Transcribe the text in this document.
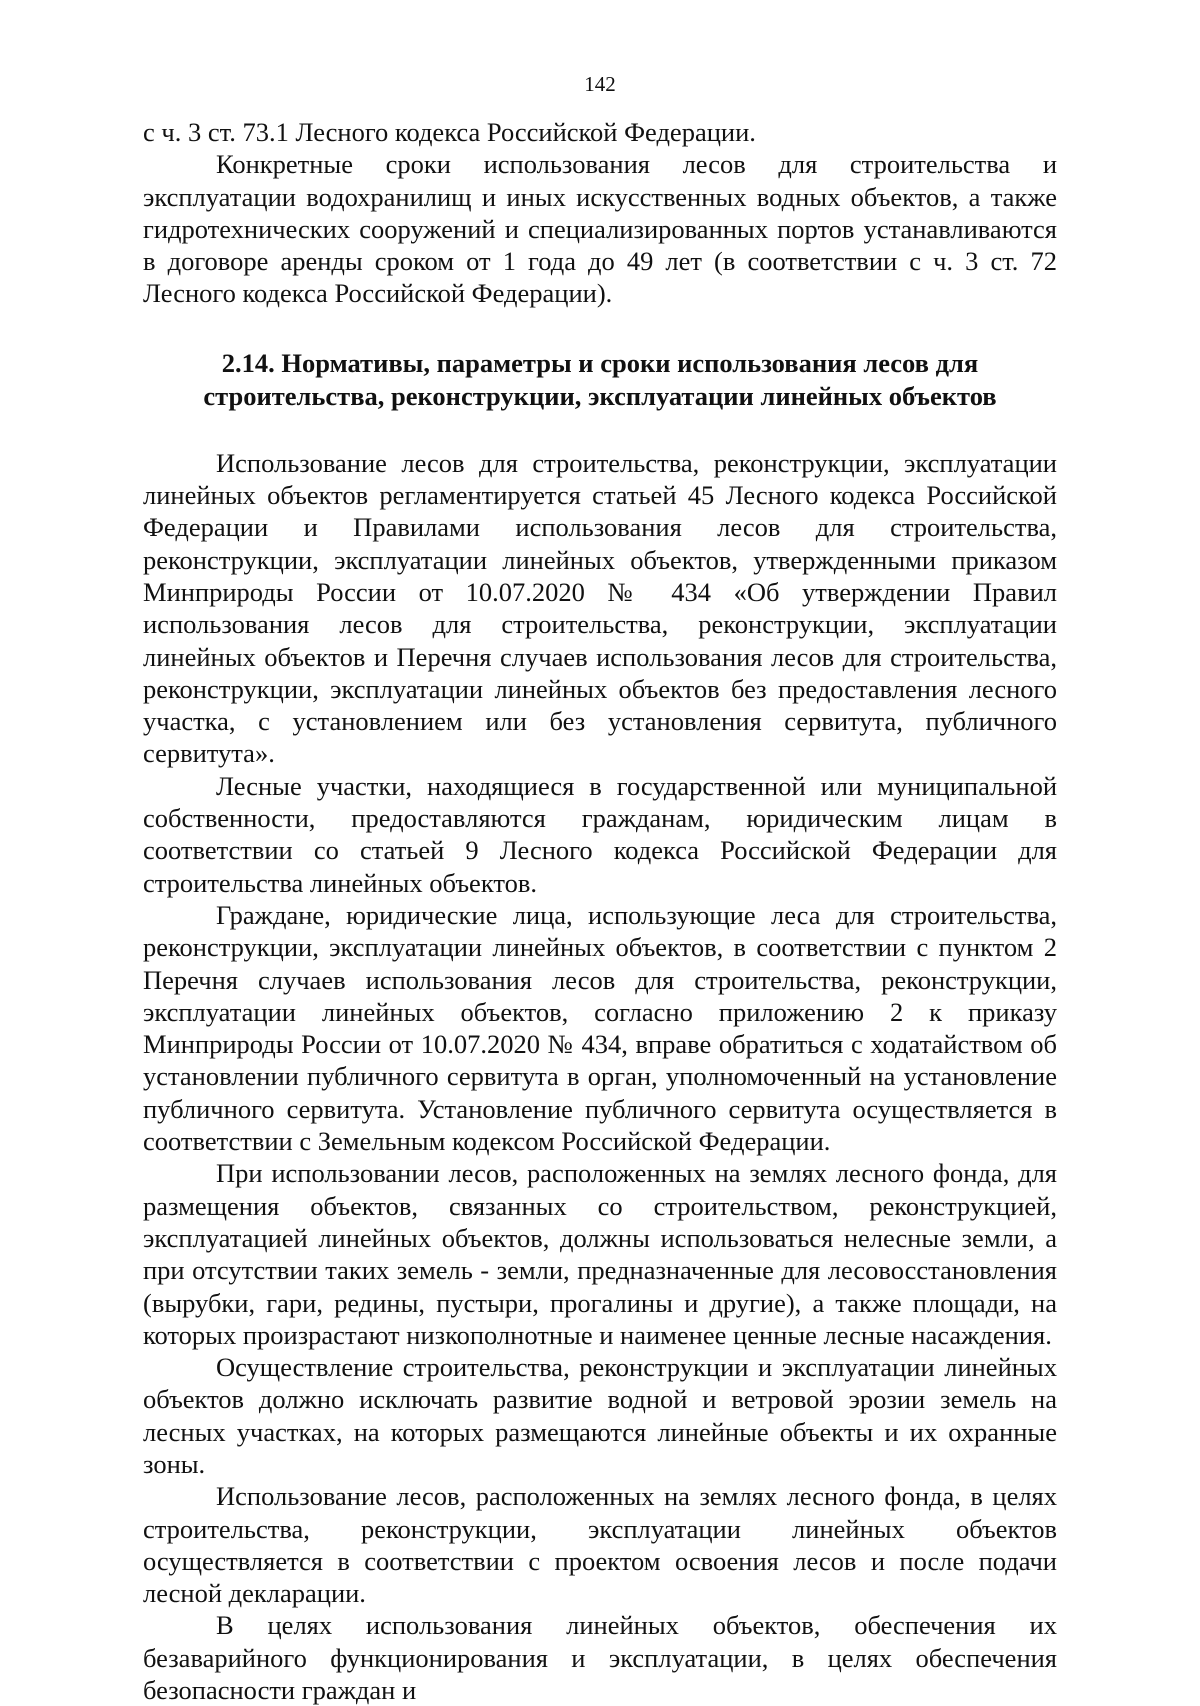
142

с ч. 3 ст. 73.1 Лесного кодекса Российской Федерации.

Конкретные сроки использования лесов для строительства и эксплуатации водохранилищ и иных искусственных водных объектов, а также гидротехнических сооружений и специализированных портов устанавливаются в договоре аренды сроком от 1 года до 49 лет (в соответствии с ч. 3 ст. 72 Лесного кодекса Российской Федерации).

2.14. Нормативы, параметры и сроки использования лесов для
строительства, реконструкции, эксплуатации линейных объектов

Использование лесов для строительства, реконструкции, эксплуатации линейных объектов регламентируется статьей 45 Лесного кодекса Российской Федерации и Правилами использования лесов для строительства, реконструкции, эксплуатации линейных объектов, утвержденными приказом Минприроды России от 10.07.2020 № 434 «Об утверждении Правил использования лесов для строительства, реконструкции, эксплуатации линейных объектов и Перечня случаев использования лесов для строительства, реконструкции, эксплуатации линейных объектов без предоставления лесного участка, с установлением или без установления сервитута, публичного сервитута».

Лесные участки, находящиеся в государственной или муниципальной собственности, предоставляются гражданам, юридическим лицам в соответствии со статьей 9 Лесного кодекса Российской Федерации для строительства линейных объектов.

Граждане, юридические лица, использующие леса для строительства, реконструкции, эксплуатации линейных объектов, в соответствии с пунктом 2 Перечня случаев использования лесов для строительства, реконструкции, эксплуатации линейных объектов, согласно приложению 2 к приказу Минприроды России от 10.07.2020 № 434, вправе обратиться с ходатайством об установлении публичного сервитута в орган, уполномоченный на установление публичного сервитута. Установление публичного сервитута осуществляется в соответствии с Земельным кодексом Российской Федерации.

При использовании лесов, расположенных на землях лесного фонда, для размещения объектов, связанных со строительством, реконструкцией, эксплуатацией линейных объектов, должны использоваться нелесные земли, а при отсутствии таких земель - земли, предназначенные для лесовосстановления (вырубки, гари, редины, пустыри, прогалины и другие), а также площади, на которых произрастают низкополнотные и наименее ценные лесные насаждения.

Осуществление строительства, реконструкции и эксплуатации линейных объектов должно исключать развитие водной и ветровой эрозии земель на лесных участках, на которых размещаются линейные объекты и их охранные зоны.

Использование лесов, расположенных на землях лесного фонда, в целях строительства, реконструкции, эксплуатации линейных объектов осуществляется в соответствии с проектом освоения лесов и после подачи лесной декларации.

В целях использования линейных объектов, обеспечения их безаварийного функционирования и эксплуатации, в целях обеспечения безопасности граждан и
